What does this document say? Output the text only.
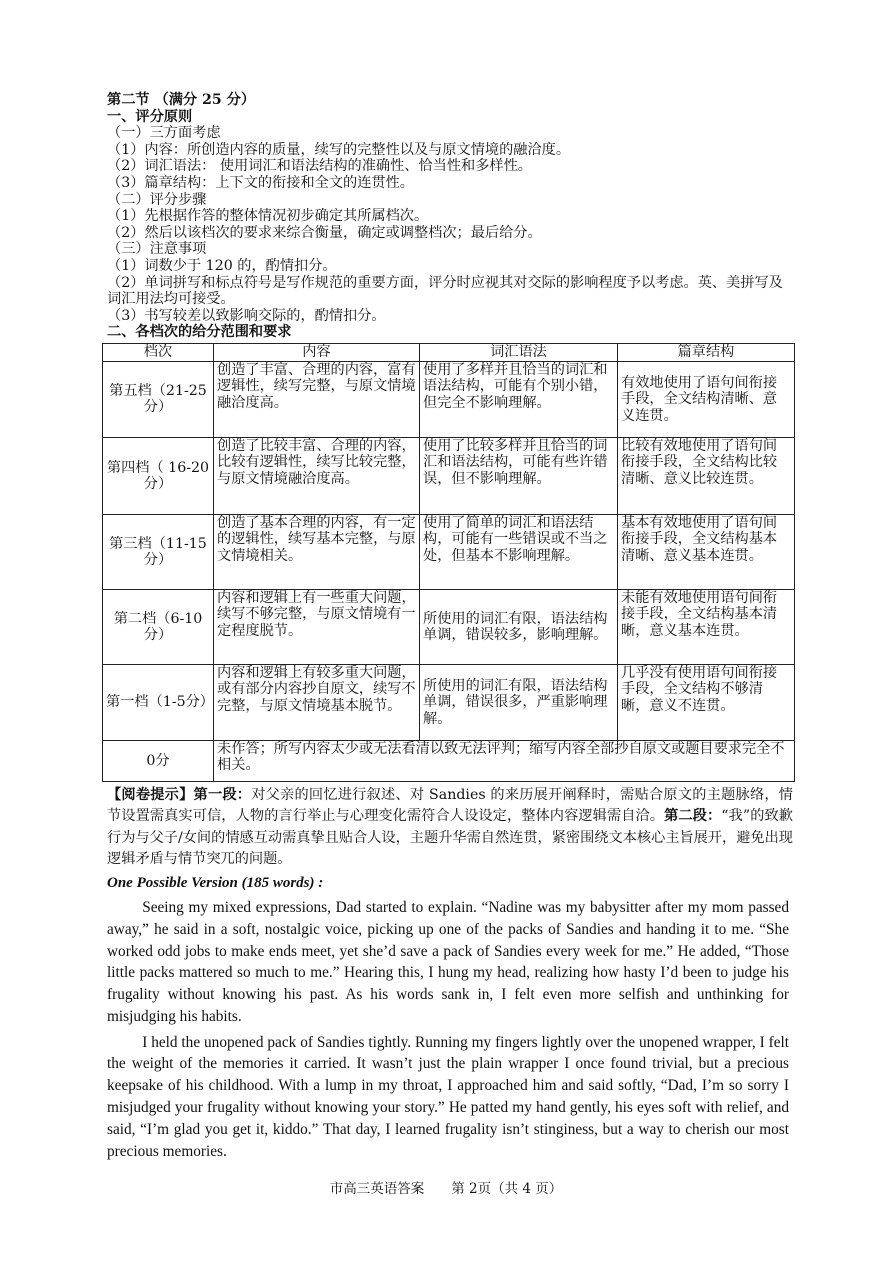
第二节 （满分 25 分）
一、评分原则
（一）三方面考虑
（1）内容：所创造内容的质量，续写的完整性以及与原文情境的融洽度。
（2）词汇语法： 使用词汇和语法结构的准确性、恰当性和多样性。
（3）篇章结构：上下文的衔接和全文的连贯性。
（二）评分步骤
（1）先根据作答的整体情况初步确定其所属档次。
（2）然后以该档次的要求来综合衡量，确定或调整档次；最后给分。
（三）注意事项
（1）词数少于 120 的，酌情扣分。
（2）单词拼写和标点符号是写作规范的重要方面，评分时应视其对交际的影响程度予以考虑。英、美拼写及词汇用法均可接受。
（3）书写较差以致影响交际的，酌情扣分。
二、各档次的给分范围和要求
档次	内容	词汇语法	篇章结构
第五档（21-25分）	创造了丰富、合理的内容，富有逻辑性，续写完整，与原文情境融洽度高。	使用了多样并且恰当的词汇和语法结构，可能有个别小错，但完全不影响理解。	有效地使用了语句间衔接手段，全文结构清晰、意义连贯。
第四档（ 16-20分）	创造了比较丰富、合理的内容，比较有逻辑性，续写比较完整，与原文情境融洽度高。	使用了比较多样并且恰当的词汇和语法结构，可能有些许错误，但不影响理解。	比较有效地使用了语句间衔接手段，全文结构比较清晰、意义比较连贯。
第三档（11-15分）	创造了基本合理的内容，有一定的逻辑性，续写基本完整，与原文情境相关。	使用了简单的词汇和语法结构，可能有一些错误或不当之处，但基本不影响理解。	基本有效地使用了语句间衔接手段，全文结构基本清晰、意义基本连贯。
第二档（6-10分）	内容和逻辑上有一些重大问题，续写不够完整，与原文情境有一定程度脱节。	所使用的词汇有限，语法结构单调，错误较多，影响理解。	未能有效地使用语句间衔接手段，全文结构基本清晰，意义基本连贯。
第一档（1-5分）	内容和逻辑上有较多重大问题，或有部分内容抄自原文，续写不完整，与原文情境基本脱节。	所使用的词汇有限，语法结构单调，错误很多，严重影响理解。	几乎没有使用语句间衔接手段，全文结构不够清晰，意义不连贯。
0分	未作答；所写内容太少或无法看清以致无法评判；缩写内容全部抄自原文或题目要求完全不相关。		
【阅卷提示】第一段：对父亲的回忆进行叙述、对 Sandies 的来历展开阐释时，需贴合原文的主题脉络，情节设置需真实可信，人物的言行举止与心理变化需符合人设设定，整体内容逻辑需自洽。第二段：“我”的致歉行为与父子/女间的情感互动需真挚且贴合人设，主题升华需自然连贯，紧密围绕文本核心主旨展开，避免出现逻辑矛盾与情节突兀的问题。
One Possible Version (185 words) :

Seeing my mixed expressions, Dad started to explain. “Nadine was my babysitter after my mom passed away,” he said in a soft, nostalgic voice, picking up one of the packs of Sandies and handing it to me. “She worked odd jobs to make ends meet, yet she’d save a pack of Sandies every week for me.” He added, “Those little packs mattered so much to me.” Hearing this, I hung my head, realizing how hasty I’d been to judge his frugality without knowing his past. As his words sank in, I felt even more selfish and unthinking for misjudging his habits.

I held the unopened pack of Sandies tightly. Running my fingers lightly over the unopened wrapper, I felt the weight of the memories it carried. It wasn’t just the plain wrapper I once found trivial, but a precious keepsake of his childhood. With a lump in my throat, I approached him and said softly, “Dad, I’m so sorry I misjudged your frugality without knowing your story.” He patted my hand gently, his eyes soft with relief, and said, “I’m glad you get it, kiddo.” That day, I learned frugality isn’t stinginess, but a way to cherish our most precious memories.

市高三英语答案　　第 2页（共 4 页）
